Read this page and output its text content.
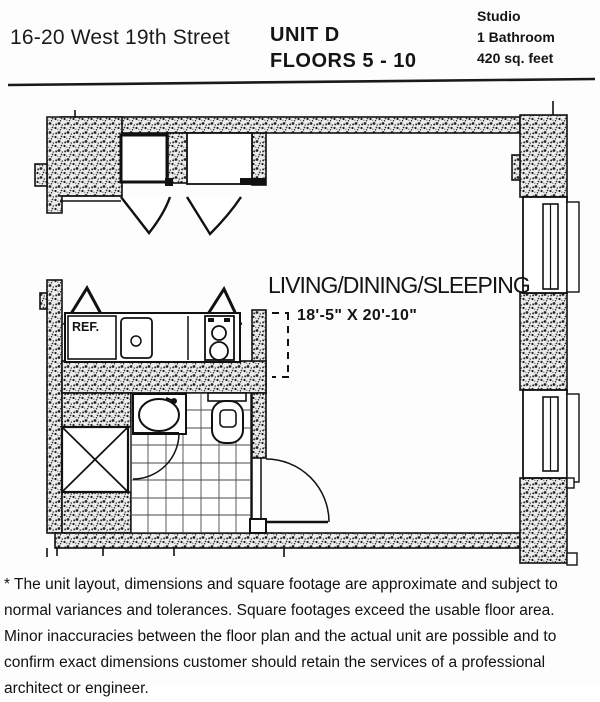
16-20 West 19th Street UNIT D
FLOORS 5 - 10
Studio
1 Bathroom
420 sq. feet
LIVING/DINING/SLEEPING
18'-5" X 20'-10"
REF.
* The unit layout, dimensions and square footage are approximate and subject to
normal variances and tolerances. Square footages exceed the usable floor area.
Minor inaccuracies between the floor plan and the actual unit are possible and to
confirm exact dimensions customer should retain the services of a professional
architect or engineer.
